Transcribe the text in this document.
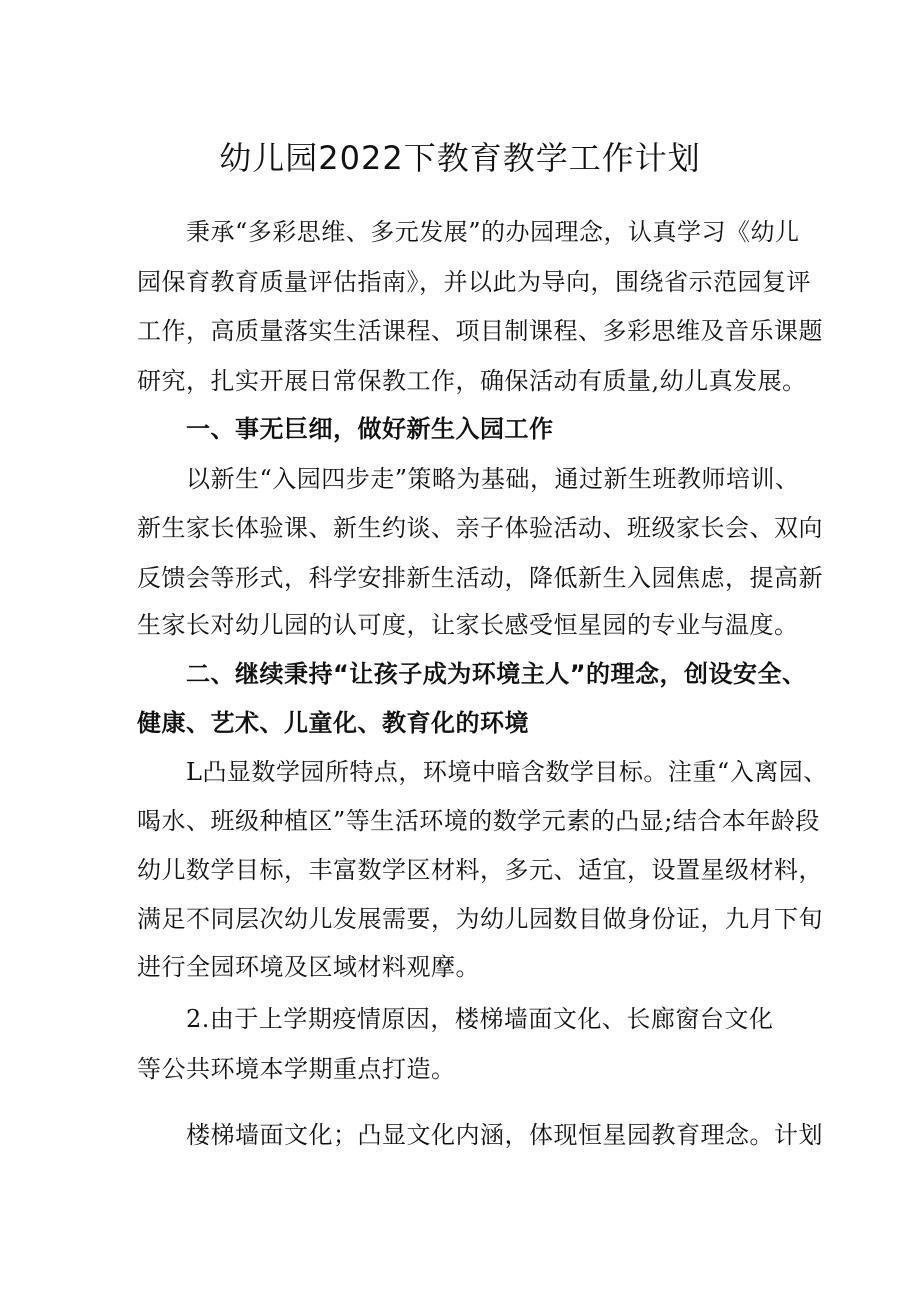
幼儿园2022下教育教学工作计划
秉承“多彩思维、多元发展”的办园理念，认真学习《幼儿
园保育教育质量评估指南》，并以此为导向，围绕省示范园复评
工作，高质量落实生活课程、项目制课程、多彩思维及音乐课题
研究，扎实开展日常保教工作，确保活动有质量,幼儿真发展。
一、事无巨细，做好新生入园工作
以新生“入园四步走”策略为基础，通过新生班教师培训、
新生家长体验课、新生约谈、亲子体验活动、班级家长会、双向
反馈会等形式，科学安排新生活动，降低新生入园焦虑，提高新
生家长对幼儿园的认可度，让家长感受恒星园的专业与温度。
二、继续秉持“让孩子成为环境主人”的理念，创设安全、
健康、艺术、儿童化、教育化的环境
L凸显数学园所特点，环境中暗含数学目标。注重“入离园、
喝水、班级种植区”等生活环境的数学元素的凸显;结合本年龄段
幼儿数学目标，丰富数学区材料，多元、适宜，设置星级材料，
满足不同层次幼儿发展需要，为幼儿园数目做身份证，九月下旬
进行全园环境及区域材料观摩。
2.由于上学期疫情原因，楼梯墙面文化、长廊窗台文化
等公共环境本学期重点打造。
楼梯墙面文化；凸显文化内涵，体现恒星园教育理念。计划
